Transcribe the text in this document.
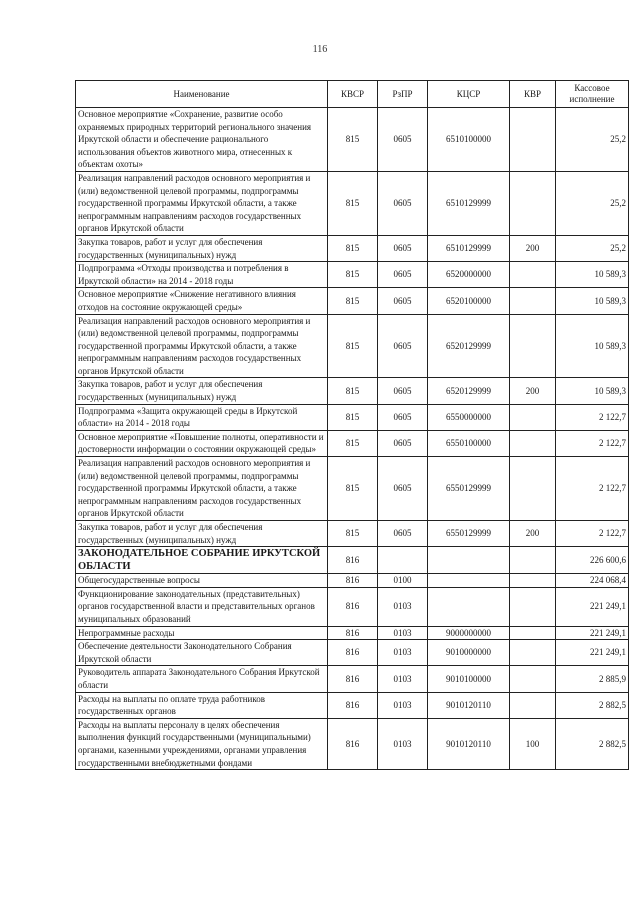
116
Наименование	КВСР	РзПР	КЦСР	КВР	Кассовое исполнение
Основное мероприятие «Сохранение, развитие особо охраняемых природных территорий регионального значения Иркутской области и обеспечение рационального использования объектов животного мира, отнесенных к объектам охоты»	815	0605	6510100000		25,2
Реализация направлений расходов основного мероприятия и (или) ведомственной целевой программы, подпрограммы государственной программы Иркутской области, а также непрограммным направлениям расходов государственных органов Иркутской области	815	0605	6510129999		25,2
Закупка товаров, работ и услуг для обеспечения государственных (муниципальных) нужд	815	0605	6510129999	200	25,2
Подпрограмма «Отходы производства и потребления в Иркутской области» на 2014 - 2018 годы	815	0605	6520000000		10 589,3
Основное мероприятие «Снижение негативного влияния отходов на состояние окружающей среды»	815	0605	6520100000		10 589,3
Реализация направлений расходов основного мероприятия и (или) ведомственной целевой программы, подпрограммы государственной программы Иркутской области, а также непрограммным направлениям расходов государственных органов Иркутской области	815	0605	6520129999		10 589,3
Закупка товаров, работ и услуг для обеспечения государственных (муниципальных) нужд	815	0605	6520129999	200	10 589,3
Подпрограмма «Защита окружающей среды в Иркутской области» на 2014 - 2018 годы	815	0605	6550000000		2 122,7
Основное мероприятие «Повышение полноты, оперативности и достоверности информации о состоянии окружающей среды»	815	0605	6550100000		2 122,7
Реализация направлений расходов основного мероприятия и (или) ведомственной целевой программы, подпрограммы государственной программы Иркутской области, а также непрограммным направлениям расходов государственных органов Иркутской области	815	0605	6550129999		2 122,7
Закупка товаров, работ и услуг для обеспечения государственных (муниципальных) нужд	815	0605	6550129999	200	2 122,7
ЗАКОНОДАТЕЛЬНОЕ СОБРАНИЕ ИРКУТСКОЙ ОБЛАСТИ	816				226 600,6
Общегосударственные вопросы	816	0100			224 068,4
Функционирование законодательных (представительных) органов государственной власти и представительных органов муниципальных образований	816	0103			221 249,1
Непрограммные расходы	816	0103	9000000000		221 249,1
Обеспечение деятельности Законодательного Собрания Иркутской области	816	0103	9010000000		221 249,1
Руководитель аппарата Законодательного Собрания Иркутской области	816	0103	9010100000		2 885,9
Расходы на выплаты по оплате труда работников государственных органов	816	0103	9010120110		2 882,5
Расходы на выплаты персоналу в целях обеспечения выполнения функций государственными (муниципальными) органами, казенными учреждениями, органами управления государственными внебюджетными фондами	816	0103	9010120110	100	2 882,5
